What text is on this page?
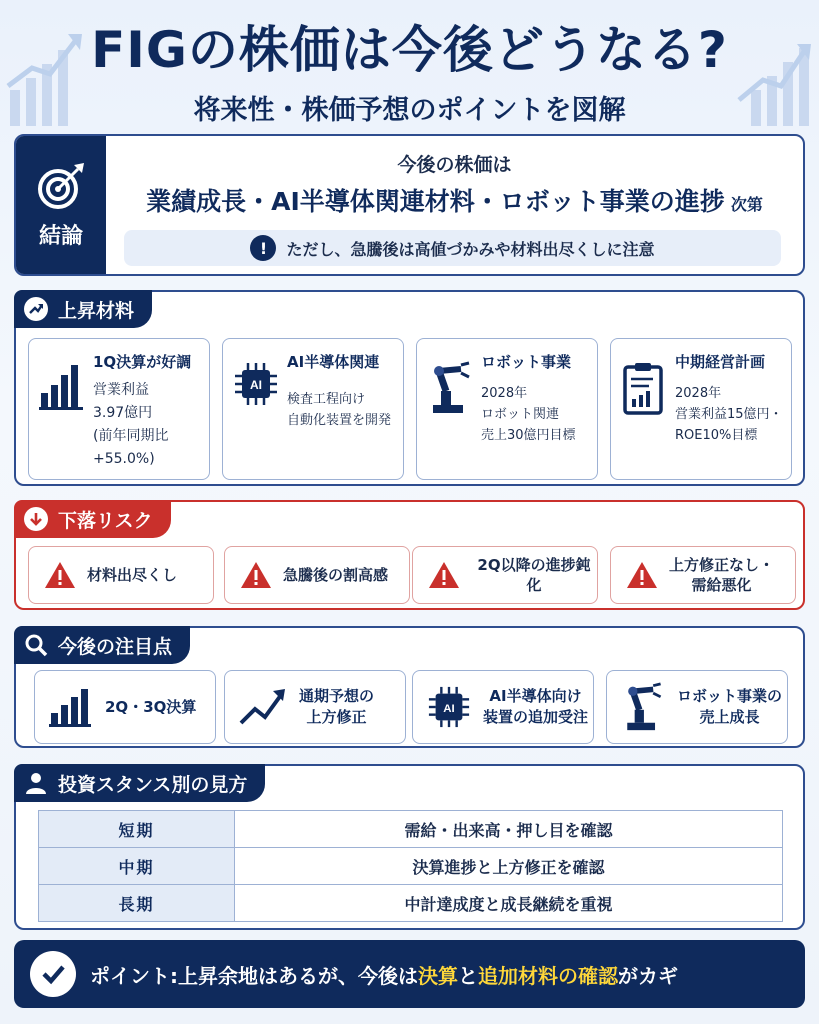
FIGの株価は今後どうなる?
将来性・株価予想のポイントを図解
結論
今後の株価は
業績成長・AI半導体関連材料・ロボット事業の進捗 次第
!	ただし、急騰後は高値づかみや材料出尽くしに注意
上昇材料
1Q決算が好調
営業利益
3.97億円
(前年同期比
+55.0%)
AI
AI半導体関連
検査工程向け
自動化装置を開発
ロボット事業
2028年
ロボット関連
売上30億円目標
中期経営計画
2028年
営業利益15億円・
ROE10%目標
下落リスク
材料出尽くし	急騰後の割高感
2Q以降の進捗鈍化
上方修正なし・
需給悪化
今後の注目点
2Q・3Q決算
通期予想の
上方修正	AI
AI半導体向け
装置の追加受注
ロボット事業の
売上成長
投資スタンス別の見方
短期	需給・出来高・押し目を確認
中期	決算進捗と上方修正を確認
長期	中計達成度と成長継続を重視
ポイント:上昇余地はあるが、今後は決算と追加材料の確認がカギ
